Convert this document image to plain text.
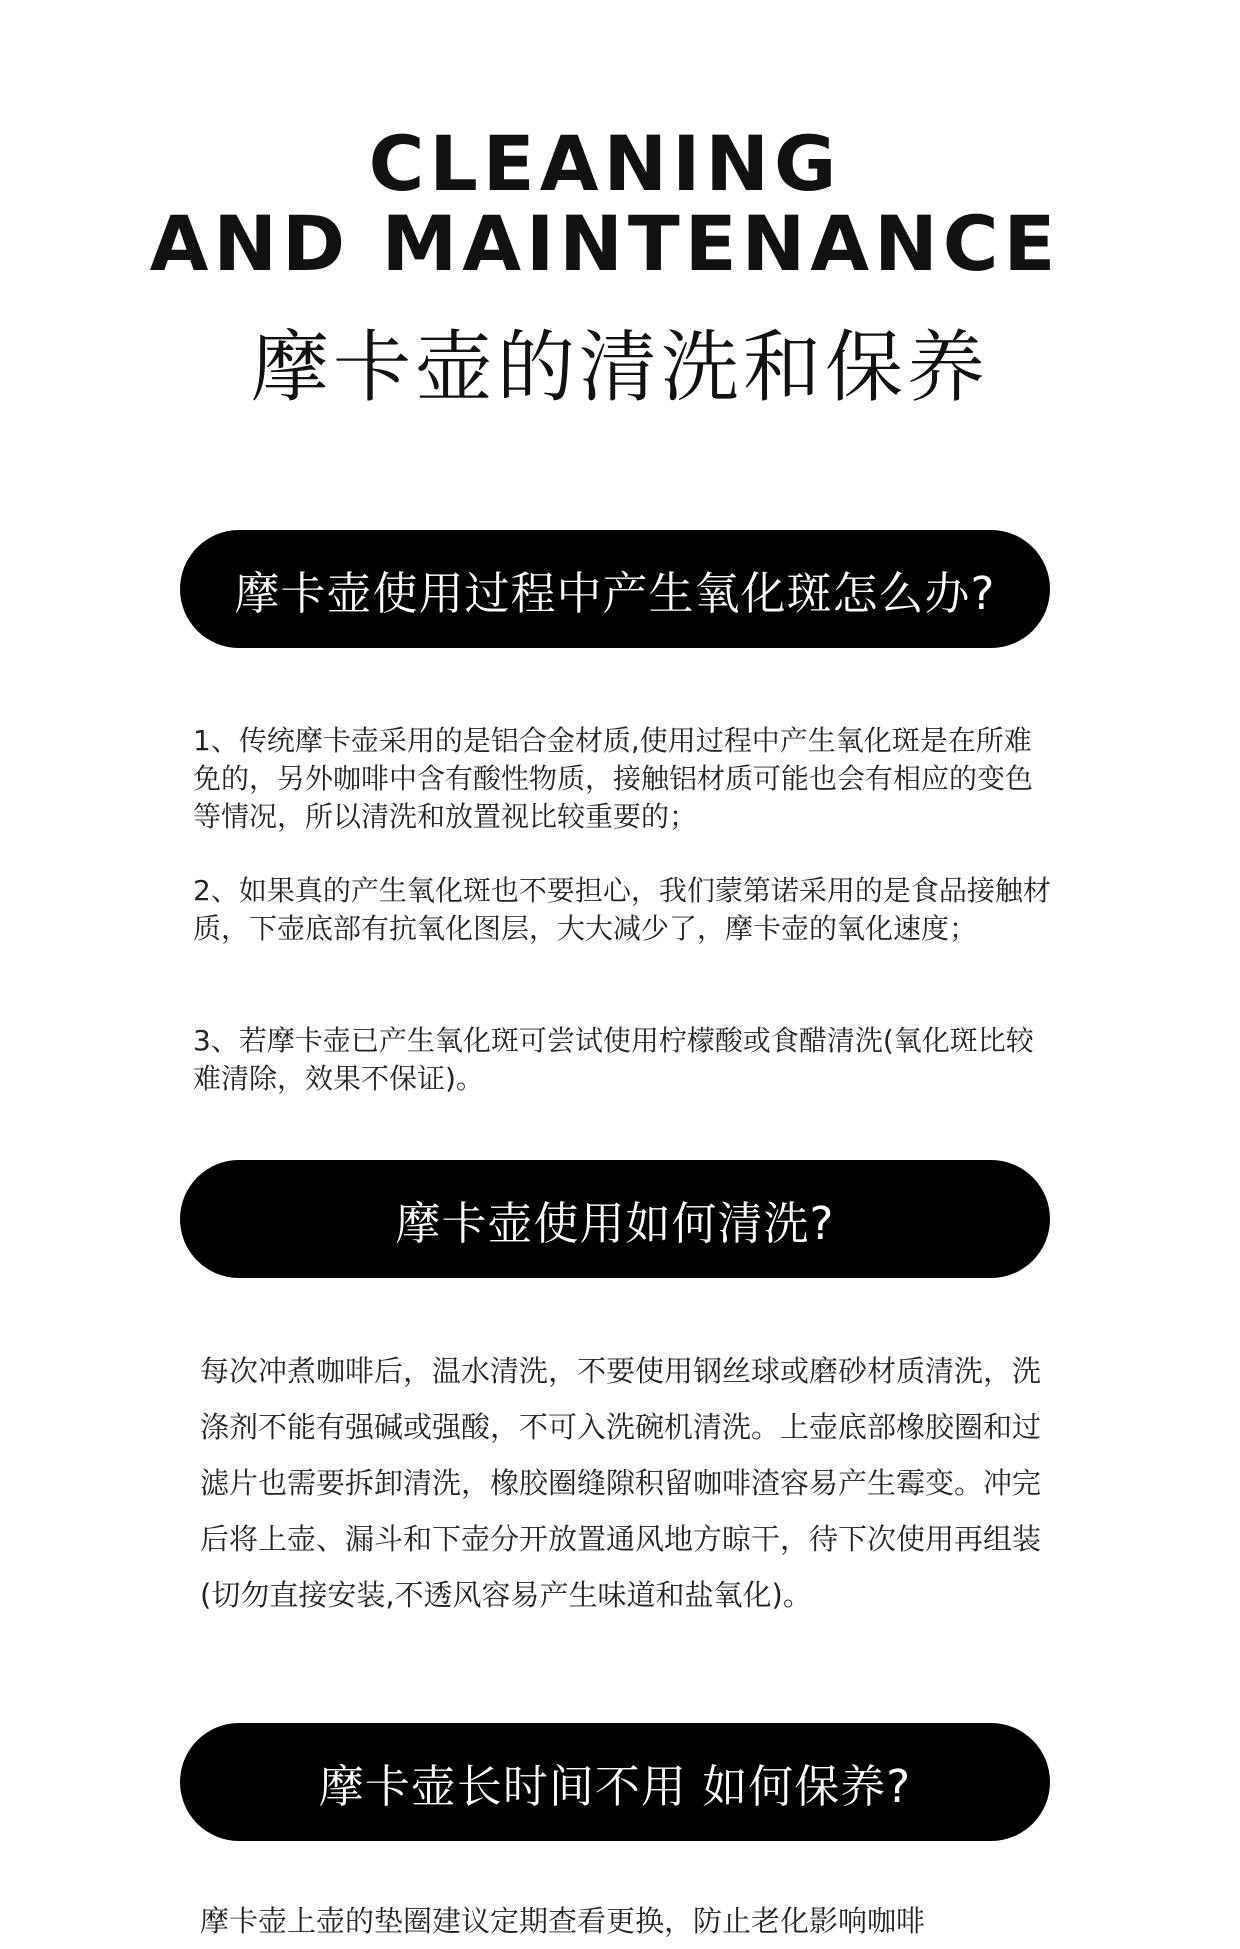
CLEANING
AND MAINTENANCE
摩卡壶的清洗和保养
摩卡壶使用过程中产生氧化斑怎么办?
1、传统摩卡壶采用的是铝合金材质,使用过程中产生氧化斑是在所难免的，另外咖啡中含有酸性物质，接触铝材质可能也会有相应的变色等情况，所以清洗和放置视比较重要的；
2、如果真的产生氧化斑也不要担心，我们蒙第诺采用的是食品接触材质，下壶底部有抗氧化图层，大大减少了，摩卡壶的氧化速度；
3、若摩卡壶已产生氧化斑可尝试使用柠檬酸或食醋清洗(氧化斑比较难清除，效果不保证)。
摩卡壶使用如何清洗?
每次冲煮咖啡后，温水清洗，不要使用钢丝球或磨砂材质清洗，洗涤剂不能有强碱或强酸，不可入洗碗机清洗。上壶底部橡胶圈和过滤片也需要拆卸清洗，橡胶圈缝隙积留咖啡渣容易产生霉变。冲完后将上壶、漏斗和下壶分开放置通风地方晾干，待下次使用再组装(切勿直接安装,不透风容易产生味道和盐氧化)。
摩卡壶长时间不用 如何保养?
摩卡壶上壶的垫圈建议定期查看更换，防止老化影响咖啡
